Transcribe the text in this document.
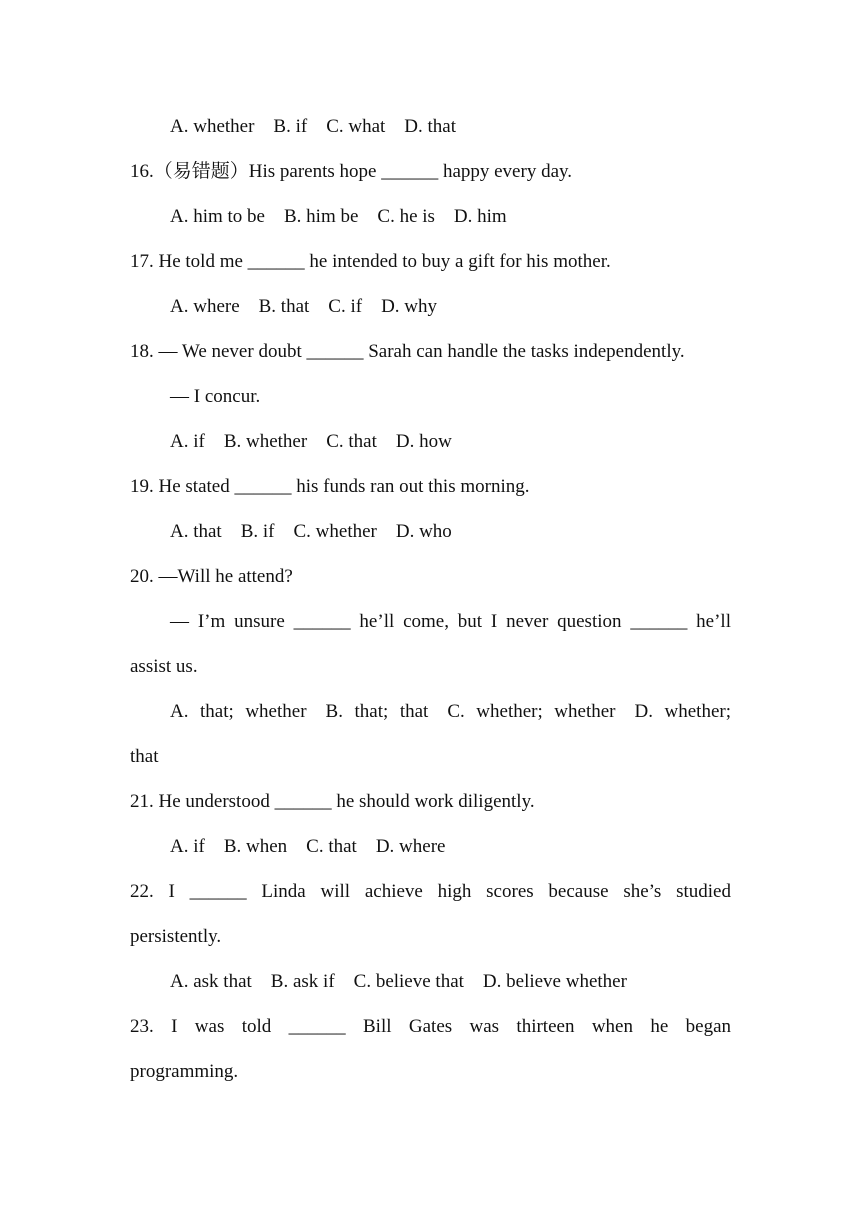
A. whether B. if C. what D. that
16.（易错题）His parents hope ______ happy every day.
A. him to be B. him be C. he is D. him
17. He told me ______ he intended to buy a gift for his mother.
A. where B. that C. if D. why
18. — We never doubt ______ Sarah can handle the tasks independently.
— I concur.
A. if B. whether C. that D. how
19. He stated ______ his funds ran out this morning.
A. that B. if C. whether D. who
20. —Will he attend?
— I’m unsure ______ he’ll come, but I never question ______ he’ll
assist us.
A. that; whether B. that; that C. whether; whether D. whether;
that
21. He understood ______ he should work diligently.
A. if B. when C. that D. where
22. I ______ Linda will achieve high scores because she’s studied
persistently.
A. ask that B. ask if C. believe that D. believe whether
23. I was told ______ Bill Gates was thirteen when he began
programming.
